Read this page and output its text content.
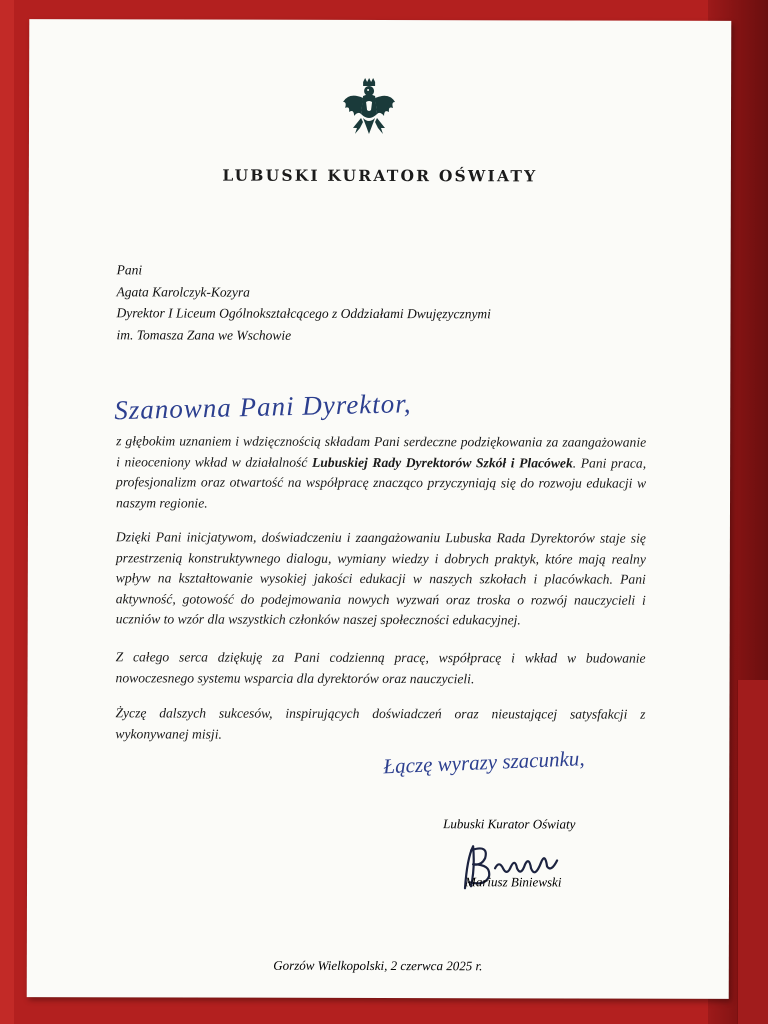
LUBUSKI KURATOR OŚWIATY
Pani
Agata Karolczyk-Kozyra
Dyrektor I Liceum Ogólnokształcącego z Oddziałami Dwujęzycznymi
im. Tomasza Zana we Wschowie
Szanowna Pani Dyrektor,
z głębokim uznaniem i wdzięcznością składam Pani serdeczne podziękowania za zaangażowanie i nieoceniony wkład w działalność Lubuskiej Rady Dyrektorów Szkół i Placówek. Pani praca, profesjonalizm oraz otwartość na współpracę znacząco przyczyniają się do rozwoju edukacji w naszym regionie.
Dzięki Pani inicjatywom, doświadczeniu i zaangażowaniu Lubuska Rada Dyrektorów staje się przestrzenią konstruktywnego dialogu, wymiany wiedzy i dobrych praktyk, które mają realny wpływ na kształtowanie wysokiej jakości edukacji w naszych szkołach i placówkach. Pani aktywność, gotowość do podejmowania nowych wyzwań oraz troska o rozwój nauczycieli i uczniów to wzór dla wszystkich członków naszej społeczności edukacyjnej.
Z całego serca dziękuję za Pani codzienną pracę, współpracę i wkład w budowanie nowoczesnego systemu wsparcia dla dyrektorów oraz nauczycieli.
Życzę dalszych sukcesów, inspirujących doświadczeń oraz nieustającej satysfakcji z wykonywanej misji.
Łączę wyrazy szacunku,
Lubuski Kurator Oświaty
Mariusz Biniewski
Gorzów Wielkopolski, 2 czerwca 2025 r.
